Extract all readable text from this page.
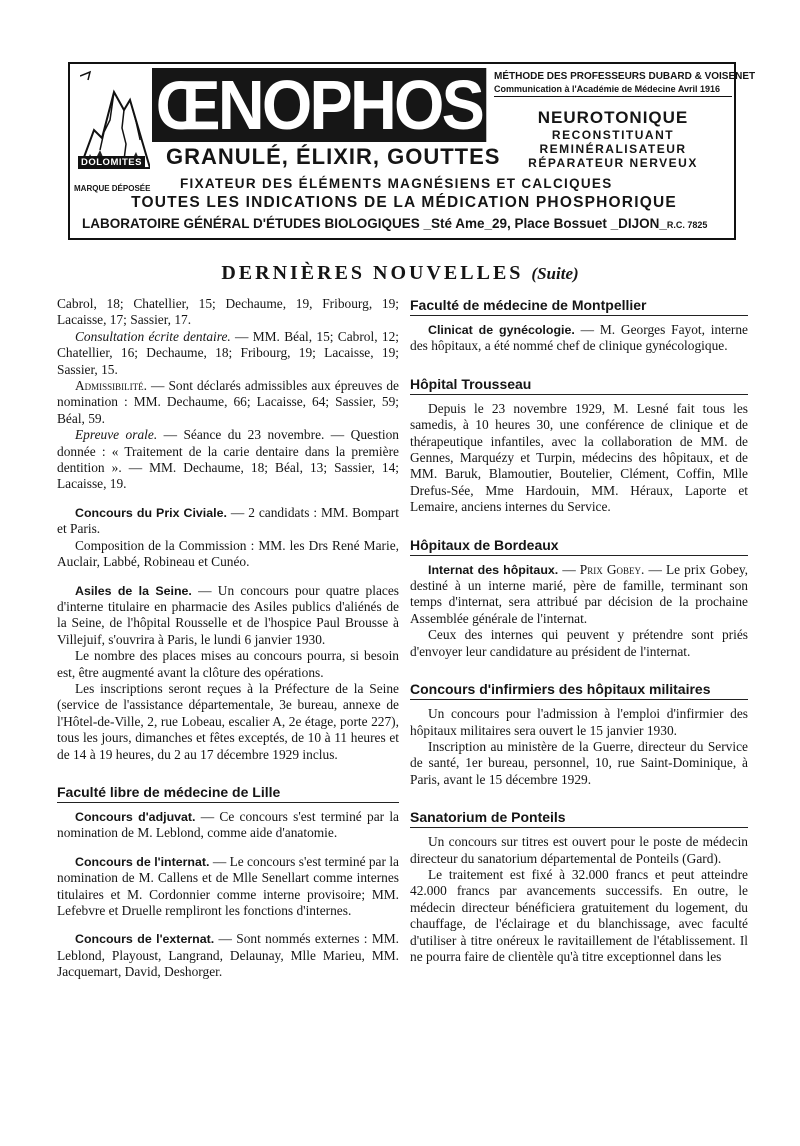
DOLOMITES
MARQUE DÉPOSÉE
ŒNOPHOS	MÉTHODE DES PROFESSEURS DUBARD & VOISENET
Communication à l'Académie de Médecine Avril 1916
NEUROTONIQUE
RECONSTITUANT
REMINÉRALISATEUR
RÉPARATEUR NERVEUX
GRANULÉ, ÉLIXIR, GOUTTES
FIXATEUR DES ÉLÉMENTS MAGNÉSIENS ET CALCIQUES
TOUTES LES INDICATIONS DE LA MÉDICATION PHOSPHORIQUE
LABORATOIRE GÉNÉRAL D'ÉTUDES BIOLOGIQUES _Sté Ame_29, Place Bossuet _DIJON_R.C. 7825
DERNIÈRES NOUVELLES (Suite)

Cabrol, 18; Chatellier, 15; Dechaume, 19, Fribourg, 19; Lacaisse, 17; Sassier, 17.

Consultation écrite dentaire. — MM. Béal, 15; Cabrol, 12; Chatellier, 16; Dechaume, 18; Fribourg, 19; Lacaisse, 19; Sassier, 15.

Admissibilité. — Sont déclarés admissibles aux épreuves de nomination : MM. Dechaume, 66; Lacaisse, 64; Sassier, 59; Béal, 59.

Epreuve orale. — Séance du 23 novembre. — Question donnée : « Traitement de la carie dentaire dans la première dentition ». — MM. Dechaume, 18; Béal, 13; Sassier, 14; Lacaisse, 19.

Concours du Prix Civiale. — 2 candidats : MM. Bompart et Paris.

Composition de la Commission : MM. les Drs René Marie, Auclair, Labbé, Robineau et Cunéo.

Asiles de la Seine. — Un concours pour quatre places d'interne titulaire en pharmacie des Asiles publics d'aliénés de la Seine, de l'hôpital Rousselle et de l'hospice Paul Brousse à Villejuif, s'ouvrira à Paris, le lundi 6 janvier 1930.

Le nombre des places mises au concours pourra, si besoin est, être augmenté avant la clôture des opérations.

Les inscriptions seront reçues à la Préfecture de la Seine (service de l'assistance départementale, 3e bureau, annexe de l'Hôtel-de-Ville, 2, rue Lobeau, escalier A, 2e étage, porte 227), tous les jours, dimanches et fêtes exceptés, de 10 à 11 heures et de 14 à 19 heures, du 2 au 17 décembre 1929 inclus.

Faculté libre de médecine de Lille

Concours d'adjuvat. — Ce concours s'est terminé par la nomination de M. Leblond, comme aide d'anatomie.

Concours de l'internat. — Le concours s'est terminé par la nomination de M. Callens et de Mlle Senellart comme internes titulaires et M. Cordonnier comme interne provisoire; MM. Lefebvre et Druelle rempliront les fonctions d'internes.

Concours de l'externat. — Sont nommés externes : MM. Leblond, Playoust, Langrand, Delaunay, Mlle Marieu, MM. Jacquemart, David, Deshorger.

Faculté de médecine de Montpellier

Clinicat de gynécologie. — M. Georges Fayot, interne des hôpitaux, a été nommé chef de clinique gynécologique.

Hôpital Trousseau

Depuis le 23 novembre 1929, M. Lesné fait tous les samedis, à 10 heures 30, une conférence de clinique et de thérapeutique infantiles, avec la collaboration de MM. de Gennes, Marquézy et Turpin, médecins des hôpitaux, et de MM. Baruk, Blamoutier, Boutelier, Clément, Coffin, Mlle Drefus-Sée, Mme Hardouin, MM. Héraux, Laporte et Lemaire, anciens internes du Service.

Hôpitaux de Bordeaux

Internat des hôpitaux. — Prix Gobey. — Le prix Gobey, destiné à un interne marié, père de famille, terminant son temps d'internat, sera attribué par décision de la prochaine Assemblée générale de l'internat.

Ceux des internes qui peuvent y prétendre sont priés d'envoyer leur candidature au président de l'internat.

Concours d'infirmiers des hôpitaux militaires

Un concours pour l'admission à l'emploi d'infirmier des hôpitaux militaires sera ouvert le 15 janvier 1930.

Inscription au ministère de la Guerre, directeur du Service de santé, 1er bureau, personnel, 10, rue Saint-Dominique, à Paris, avant le 15 décembre 1929.

Sanatorium de Ponteils

Un concours sur titres est ouvert pour le poste de médecin directeur du sanatorium départemental de Ponteils (Gard).

Le traitement est fixé à 32.000 francs et peut atteindre 42.000 francs par avancements successifs. En outre, le médecin directeur bénéficiera gratuitement du logement, du chauffage, de l'éclairage et du blanchissage, avec faculté d'utiliser à titre onéreux le ravitaillement de l'établissement. Il ne pourra faire de clientèle qu'à titre exceptionnel dans les
